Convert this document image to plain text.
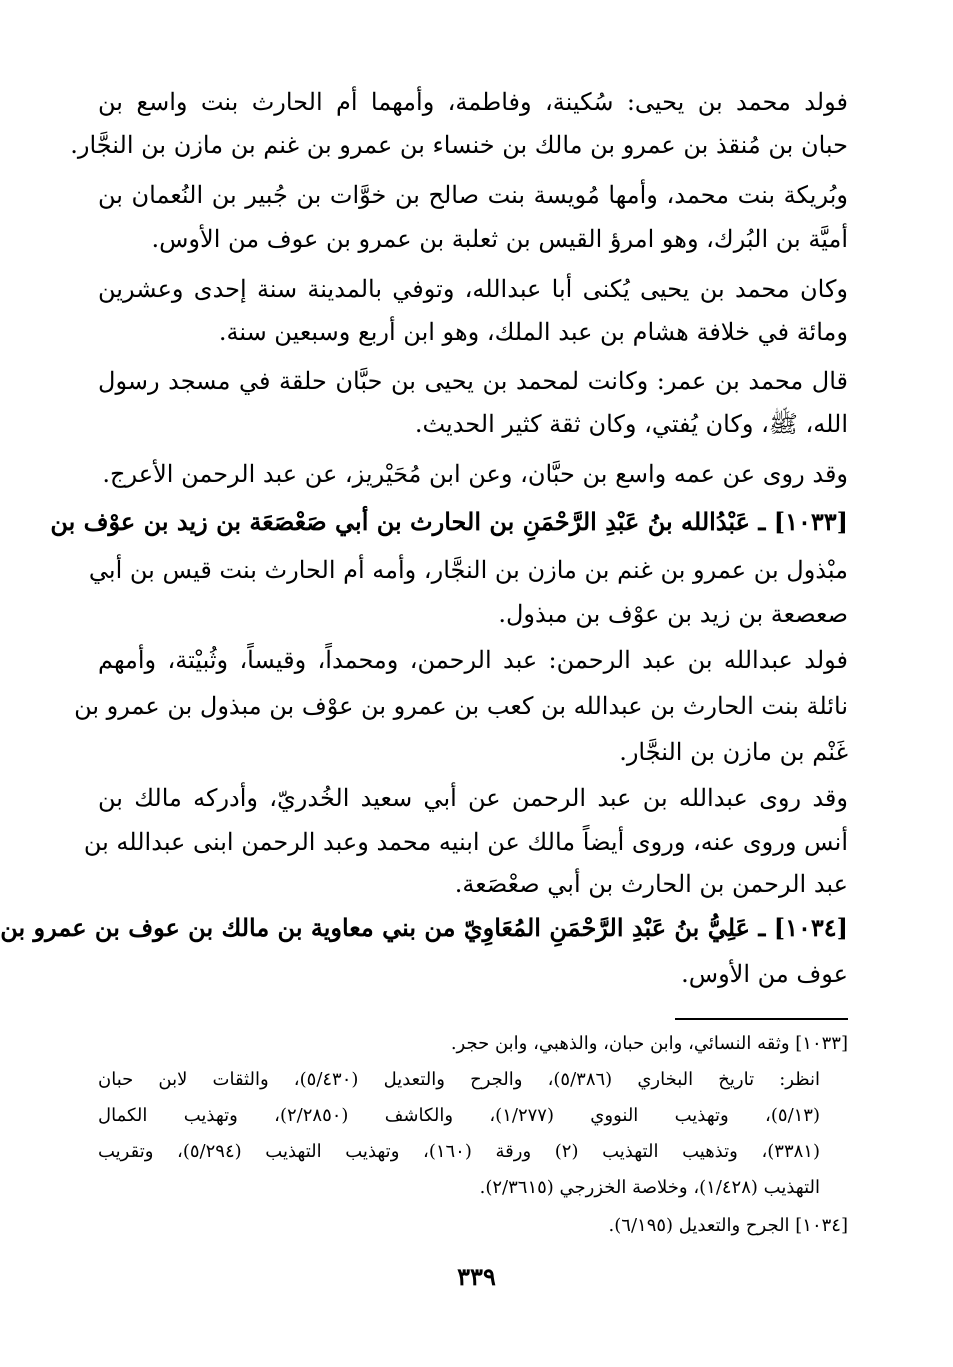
فولد محمد بن يحيى: سُكينة، وفاطمة، وأمهما أم الحارث بنت واسع بن
حبان بن مُنقذ بن عمرو بن مالك بن خنساء بن عمرو بن غنم بن مازن بن النجَّار.
وبُريكة بنت محمد، وأمها مُويسة بنت صالح بن خوَّات بن جُبير بن النُعمان بن
أميَّة بن البُرك، وهو امرؤ القيس بن ثعلبة بن عمرو بن عوف من الأوس.
وكان محمد بن يحيى يُكنى أبا عبدالله، وتوفي بالمدينة سنة إحدى وعشرين
ومائة في خلافة هشام بن عبد الملك، وهو ابن أربع وسبعين سنة.
قال محمد بن عمر: وكانت لمحمد بن يحيى بن حبَّان حلقة في مسجد رسول
الله، ﷺ، وكان يُفتي، وكان ثقة كثير الحديث.
وقد روى عن عمه واسع بن حبَّان، وعن ابن مُحَيْريز، عن عبد الرحمن الأعرج.
[١٠٣٣] ـ عَبْدُالله بنُ عَبْدِ الرَّحْمَنِ بن الحارث بن أبي صَعْصَعَة بن زيد بن عوْف بن
مبْذول بن عمرو بن غنم بن مازن بن النجَّار، وأمه أم الحارث بنت قيس بن أبي
صعصعة بن زيد بن عوْف بن مبذول.
فولد عبدالله بن عبد الرحمن: عبد الرحمن، ومحمداً، وقيساً، وثُبيْتة، وأمهم
نائلة بنت الحارث بن عبدالله بن كعب بن عمرو بن عوْف بن مبذول بن عمرو بن
غَنْم بن مازن بن النجَّار.
وقد روى عبدالله بن عبد الرحمن عن أبي سعيد الخُدريّ، وأدركه مالك بن
أنس وروى عنه، وروى أيضاً مالك عن ابنيه محمد وعبد الرحمن ابنى عبدالله بن
عبد الرحمن بن الحارث بن أبي صعْصَعة.
[١٠٣٤] ـ عَلِيُّ بنُ عَبْدِ الرَّحْمَنِ المُعَاوِيّ من بني معاوية بن مالك بن عوف بن عمرو بن
عوف من الأوس.
[١٠٣٣] وثقه النسائي، وابن حبان، والذهبي، وابن حجر.
انظر: تاريخ البخاري (٥/٣٨٦)، والجرح والتعديل (٥/٤٣٠)، والثقات لابن حبان
(٥/١٣)، وتهذيب النووي (١/٢٧٧)، والكاشف (٢/٢٨٥٠)، وتهذيب الكمال
(٣٣٨١)، وتذهيب التهذيب (٢) ورقة (١٦٠)، وتهذيب التهذيب (٥/٢٩٤)، وتقريب
التهذيب (١/٤٢٨)، وخلاصة الخزرجي (٢/٣٦١٥).
[١٠٣٤] الجرح والتعديل (٦/١٩٥).
٣٣٩
